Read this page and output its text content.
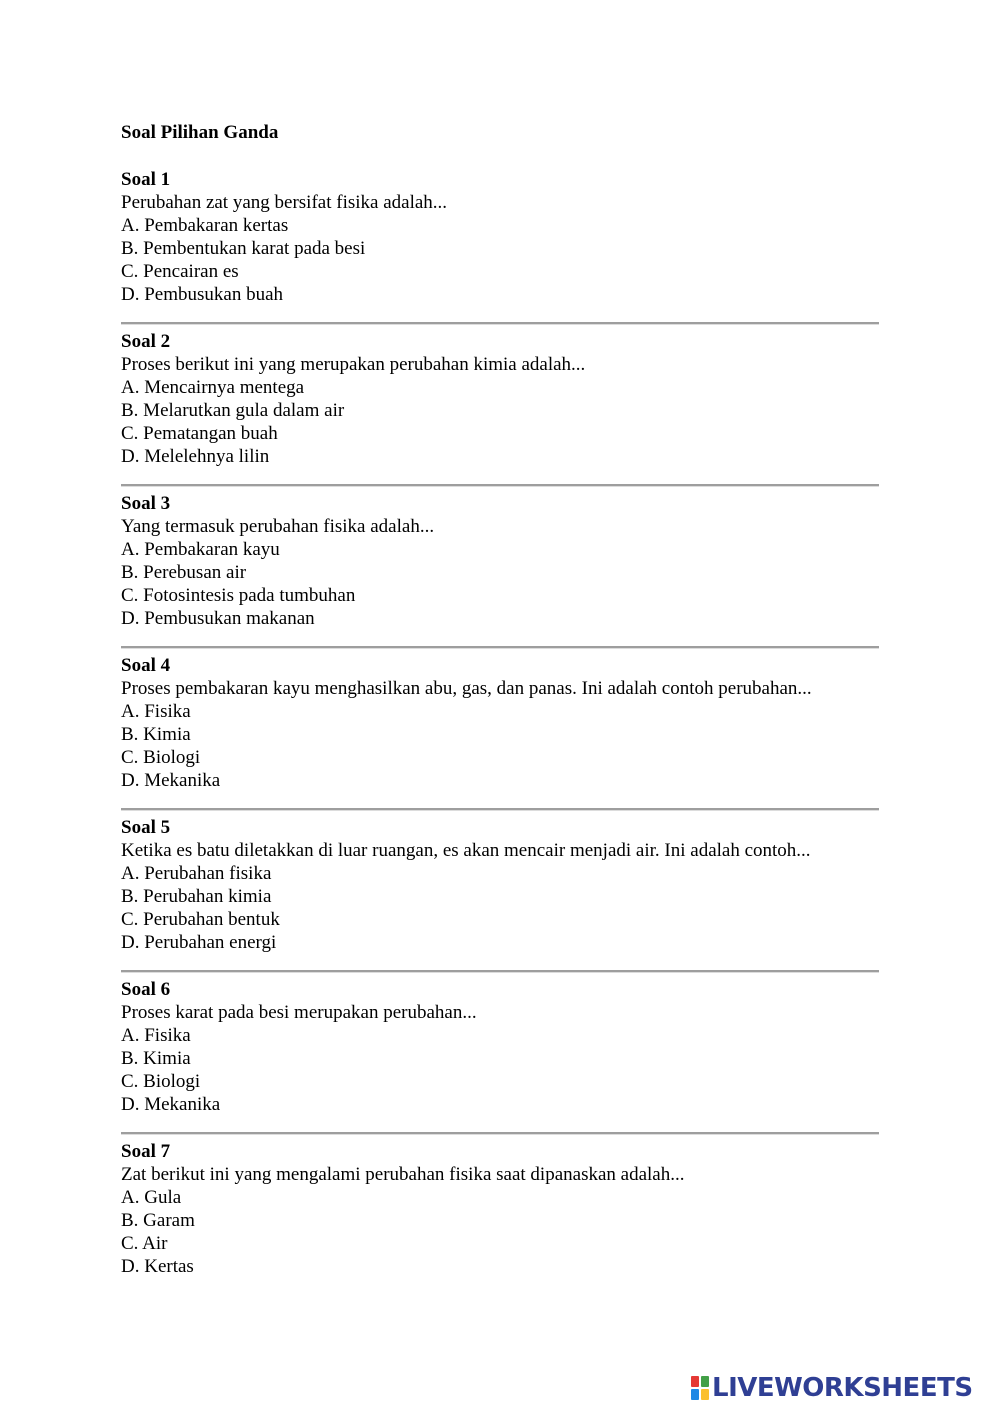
Soal Pilihan Ganda

Soal 1

Perubahan zat yang bersifat fisika adalah...

A. Pembakaran kertas

B. Pembentukan karat pada besi

C. Pencairan es

D. Pembusukan buah

Soal 2

Proses berikut ini yang merupakan perubahan kimia adalah...

A. Mencairnya mentega

B. Melarutkan gula dalam air

C. Pematangan buah

D. Melelehnya lilin

Soal 3

Yang termasuk perubahan fisika adalah...

A. Pembakaran kayu

B. Perebusan air

C. Fotosintesis pada tumbuhan

D. Pembusukan makanan

Soal 4

Proses pembakaran kayu menghasilkan abu, gas, dan panas. Ini adalah contoh perubahan...

A. Fisika

B. Kimia

C. Biologi

D. Mekanika

Soal 5

Ketika es batu diletakkan di luar ruangan, es akan mencair menjadi air. Ini adalah contoh...

A. Perubahan fisika

B. Perubahan kimia

C. Perubahan bentuk

D. Perubahan energi

Soal 6

Proses karat pada besi merupakan perubahan...

A. Fisika

B. Kimia

C. Biologi

D. Mekanika

Soal 7

Zat berikut ini yang mengalami perubahan fisika saat dipanaskan adalah...

A. Gula

B. Garam

C. Air

D. Kertas

LIVEWORKSHEETS
